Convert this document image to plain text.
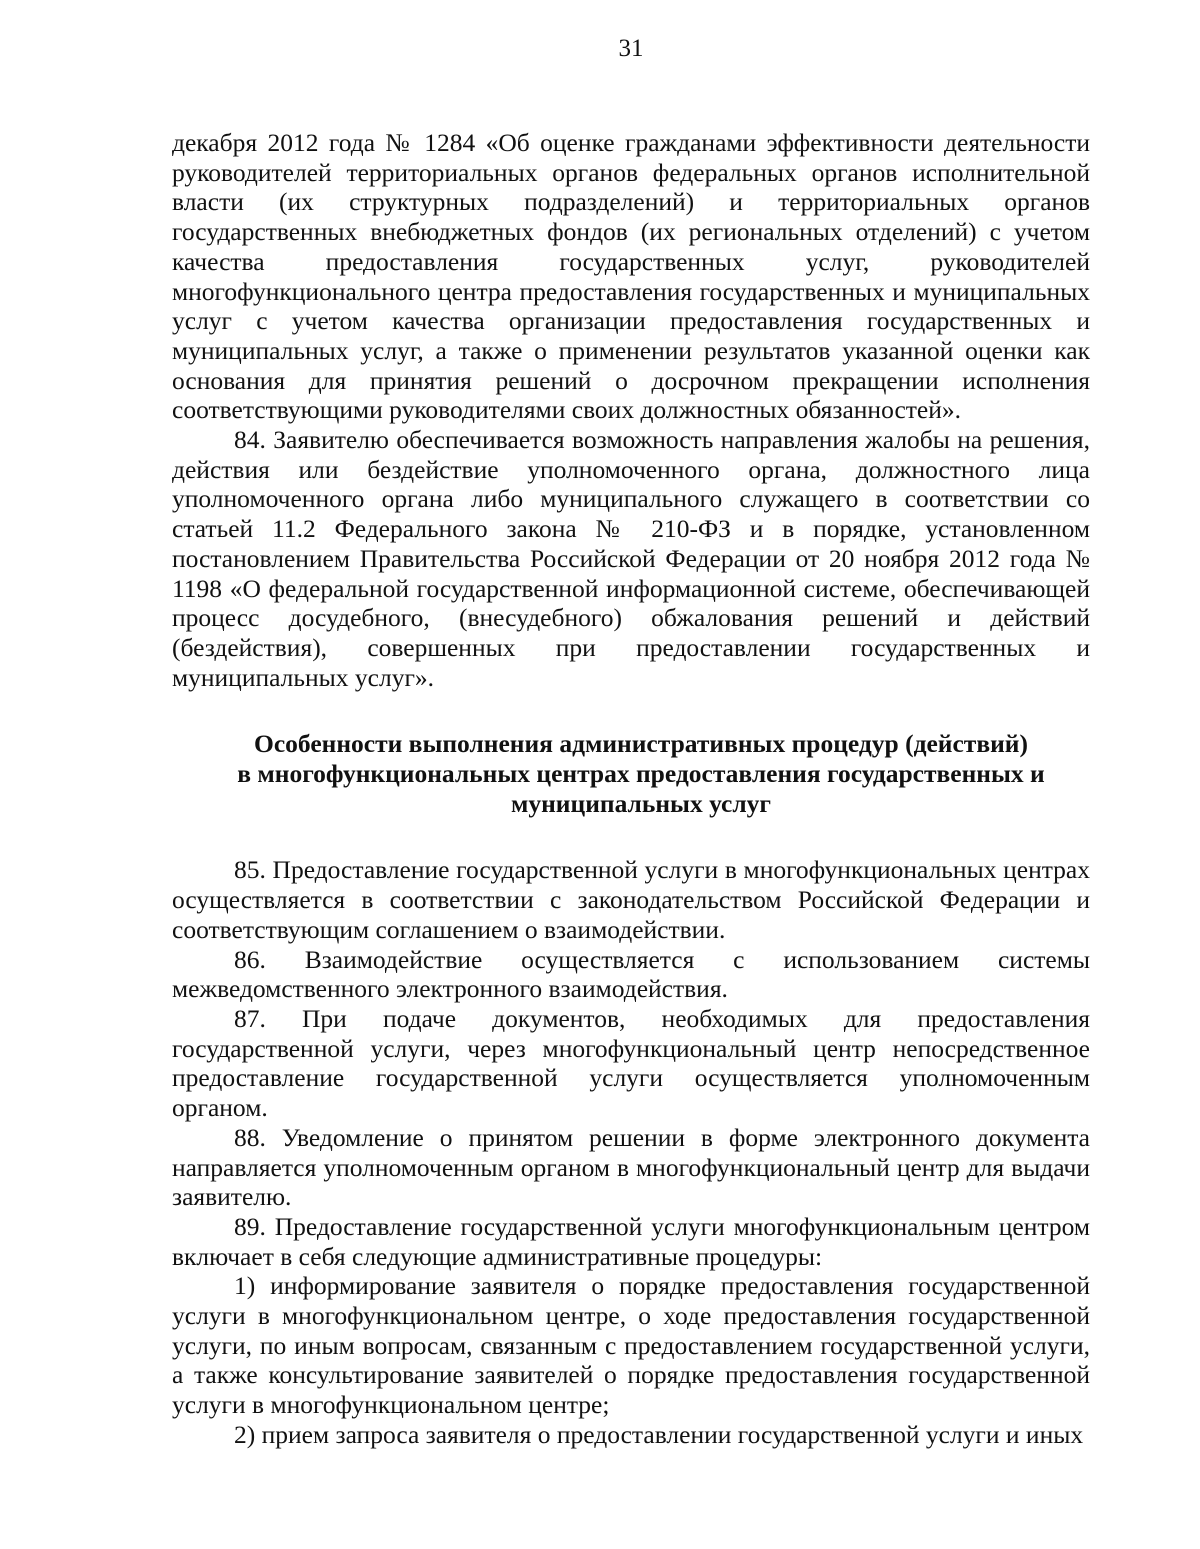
31

декабря 2012 года № 1284 «Об оценке гражданами эффективности деятельности руководителей территориальных органов федеральных органов исполнительной власти (их структурных подразделений) и территориальных органов государственных внебюджетных фондов (их региональных отделений) с учетом качества предоставления государственных услуг, руководителей многофункционального центра предоставления государственных и муниципальных услуг с учетом качества организации предоставления государственных и муниципальных услуг, а также о применении результатов указанной оценки как основания для принятия решений о досрочном прекращении исполнения соответствующими руководителями своих должностных обязанностей».

84. Заявителю обеспечивается возможность направления жалобы на решения, действия или бездействие уполномоченного органа, должностного лица уполномоченного органа либо муниципального служащего в соответствии со статьей 11.2 Федерального закона № 210-ФЗ и в порядке, установленном постановлением Правительства Российской Федерации от 20 ноября 2012 года № 1198 «О федеральной государственной информационной системе, обеспечивающей процесс досудебного, (внесудебного) обжалования решений и действий (бездействия), совершенных при предоставлении государственных и муниципальных услуг».

Особенности выполнения административных процедур (действий)
в многофункциональных центрах предоставления государственных и
муниципальных услуг

85. Предоставление государственной услуги в многофункциональных центрах осуществляется в соответствии с законодательством Российской Федерации и соответствующим соглашением о взаимодействии.

86. Взаимодействие осуществляется с использованием системы межведомственного электронного взаимодействия.

87. При подаче документов, необходимых для предоставления государственной услуги, через многофункциональный центр непосредственное предоставление государственной услуги осуществляется уполномоченным органом.

88. Уведомление о принятом решении в форме электронного документа направляется уполномоченным органом в многофункциональный центр для выдачи заявителю.

89. Предоставление государственной услуги многофункциональным центром включает в себя следующие административные процедуры:

1) информирование заявителя о порядке предоставления государственной услуги в многофункциональном центре, о ходе предоставления государственной услуги, по иным вопросам, связанным с предоставлением государственной услуги, а также консультирование заявителей о порядке предоставления государственной услуги в многофункциональном центре;

2) прием запроса заявителя о предоставлении государственной услуги и иных
